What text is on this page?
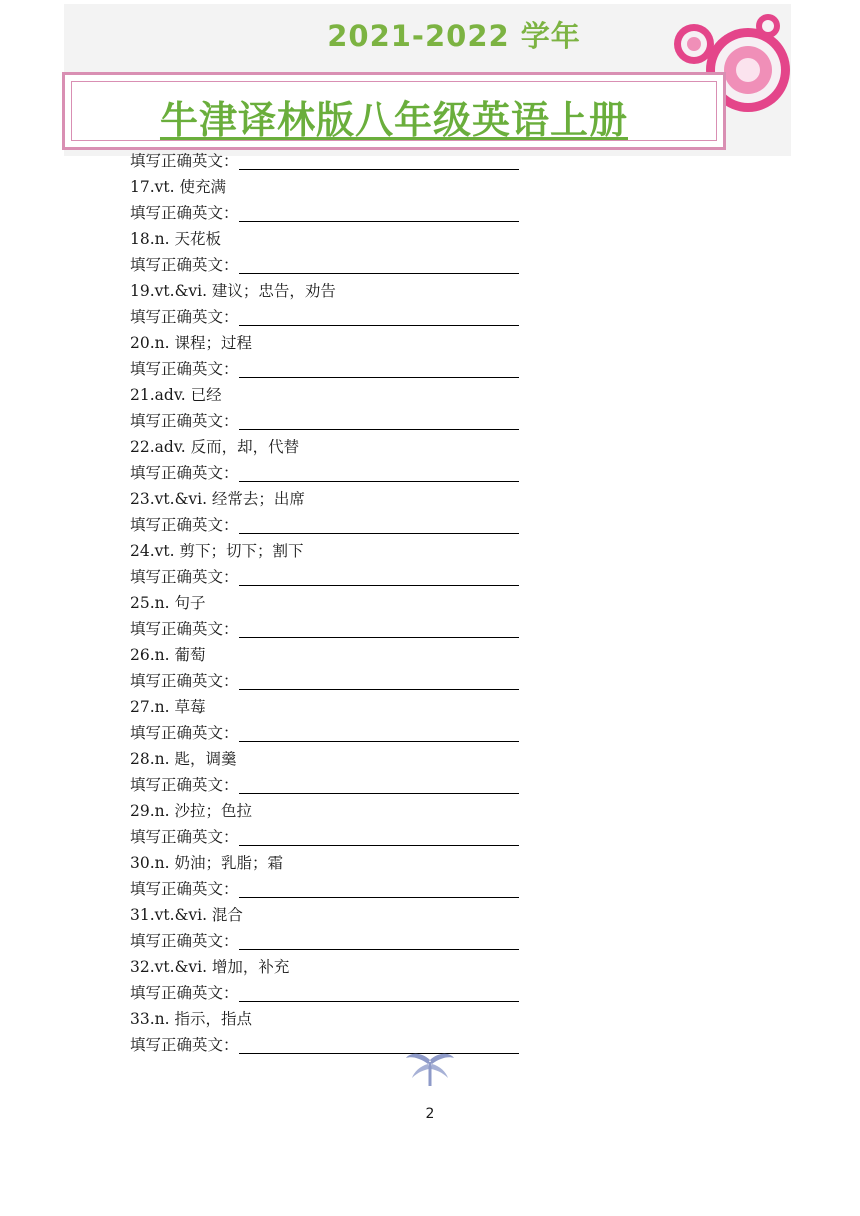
2021-2022 学年
牛津译林版八年级英语上册
填写正确英文：
17.vt. 使充满
填写正确英文：
18.n. 天花板
填写正确英文：
19.vt.&vi. 建议；忠告，劝告
填写正确英文：
20.n. 课程；过程
填写正确英文：
21.adv. 已经
填写正确英文：
22.adv. 反而，却，代替
填写正确英文：
23.vt.&vi. 经常去；出席
填写正确英文：
24.vt. 剪下；切下；割下
填写正确英文：
25.n. 句子
填写正确英文：
26.n. 葡萄
填写正确英文：
27.n. 草莓
填写正确英文：
28.n. 匙，调羹
填写正确英文：
29.n. 沙拉；色拉
填写正确英文：
30.n. 奶油；乳脂；霜
填写正确英文：
31.vt.&vi. 混合
填写正确英文：
32.vt.&vi. 增加，补充
填写正确英文：
33.n. 指示，指点
填写正确英文：
2
